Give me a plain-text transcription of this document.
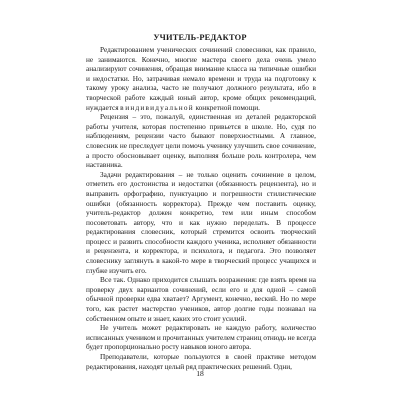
УЧИТЕЛЬ-РЕДАКТОР

Редактированием ученических сочинений словесники, как правило, не занимаются. Конечно, многие мастера своего дела очень умело анализируют сочинения, обращая внимание класса на типичные ошибки и недостатки. Но, затрачивая немало времени и труда на подготовку к такому уроку анализа, часто не получают должного результата, ибо в творческой работе каждый юный автор, кроме общих рекомендаций, нуждается в индивидуальной конкретной помощи.

Рецензия – это, пожалуй, единственная из деталей редакторской работы учителя, которая постепенно привьется в школе. Но, судя по наблюдениям, рецензии часто бывают поверхностными. А главное, словесник не преследует цели помочь ученику улучшить свое сочинение, а просто обосновывает оценку, выполняя больше роль контролера, чем наставника.

Задачи редактирования – не только оценить сочинение в целом, отметить его достоинства и недостатки (обязанность рецензента), но и выправить орфографию, пунктуацию и погрешности стилистические ошибки (обязанность корректора). Прежде чем поставить оценку, учитель-редактор должен конкретно, тем или иным способом посоветовать автору, что и как нужно переделать. В процессе редактирования словесник, который стремится освоить творческий процесс и развить способности каждого ученика, исполняет обязанности и рецензента, и корректора, и психолога, и педагога. Это позволяет словеснику заглянуть в какой-то мере в творческий процесс учащихся и глубже изучить его.

Все так. Однако приходится слышать возражения: где взять время на проверку двух вариантов сочинений, если его и для одной – самой обычной проверки едва хватает? Аргумент, конечно, веский. Но по мере того, как растет мастерство учеников, автор долгие годы познавал на собственном опыте и знает, каких это стоит усилий.

Не учитель может редактировать не каждую работу, количество исписанных учеником и прочитанных учителем страниц отнюдь не всегда будет пропорционально росту навыков юного автора.

Преподаватели, которые пользуются в своей практике методом редактирования, находят целый ряд практических решений. Одни,

18
